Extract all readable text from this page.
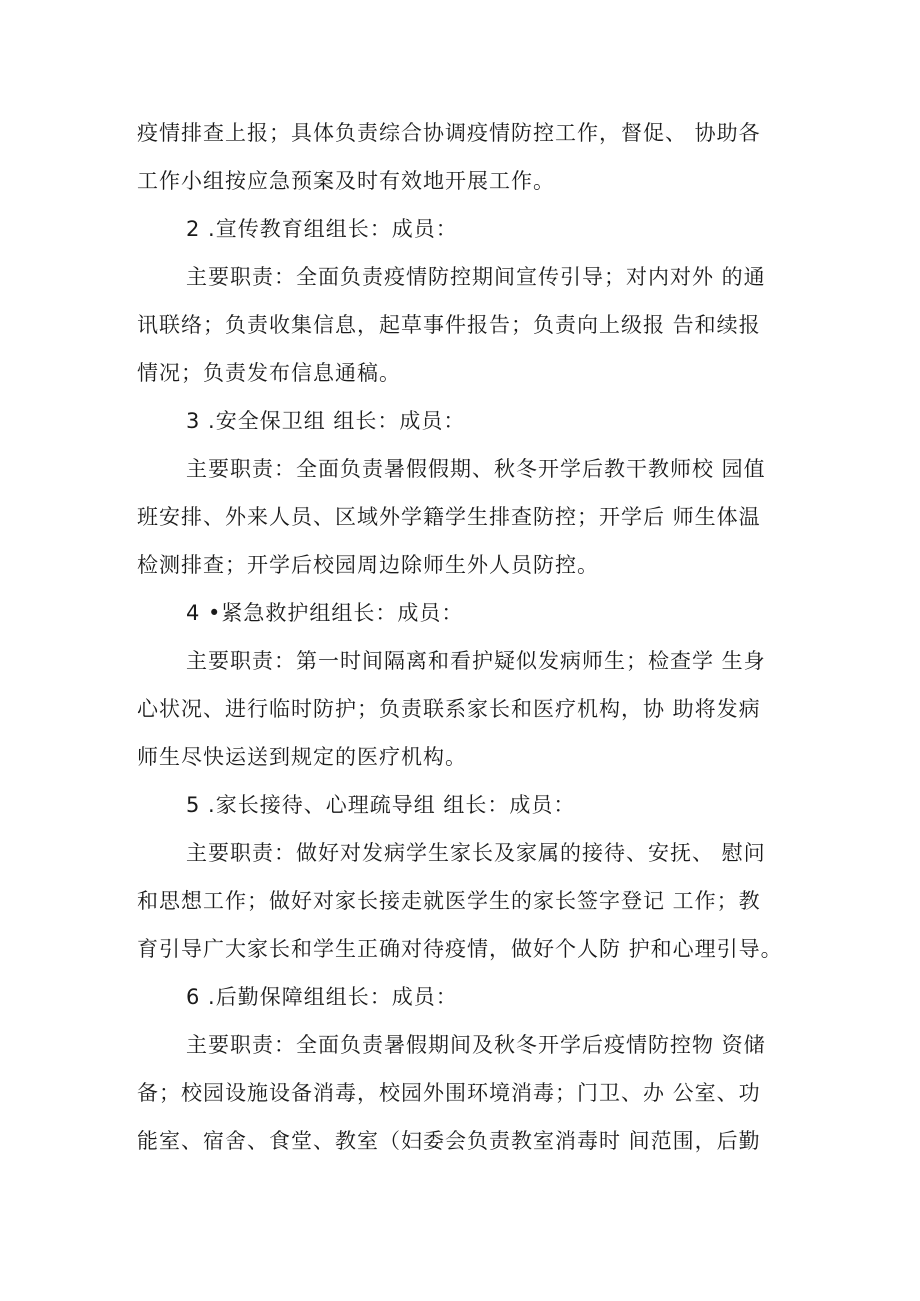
疫情排查上报；具体负责综合协调疫情防控工作，督促、 协助各
工作小组按应急预案及时有效地开展工作。
2 .宣传教育组组长：成员：
主要职责：全面负责疫情防控期间宣传引导；对内对外 的通
讯联络；负责收集信息，起草事件报告；负责向上级报 告和续报
情况；负责发布信息通稿。
3 .安全保卫组 组长：成员：
主要职责：全面负责暑假假期、秋冬开学后教干教师校 园值
班安排、外来人员、区域外学籍学生排查防控；开学后 师生体温
检测排查；开学后校园周边除师生外人员防控。
4 •紧急救护组组长：成员：
主要职责：第一时间隔离和看护疑似发病师生；检查学 生身
心状况、进行临时防护；负责联系家长和医疗机构，协 助将发病
师生尽快运送到规定的医疗机构。
5 .家长接待、心理疏导组 组长：成员：
主要职责：做好对发病学生家长及家属的接待、安抚、 慰问
和思想工作；做好对家长接走就医学生的家长签字登记 工作；教
育引导广大家长和学生正确对待疫情，做好个人防 护和心理引导。
6 .后勤保障组组长：成员：
主要职责：全面负责暑假期间及秋冬开学后疫情防控物 资储
备；校园设施设备消毒，校园外围环境消毒；门卫、办 公室、功
能室、宿舍、食堂、教室（妇委会负责教室消毒时 间范围，后勤
